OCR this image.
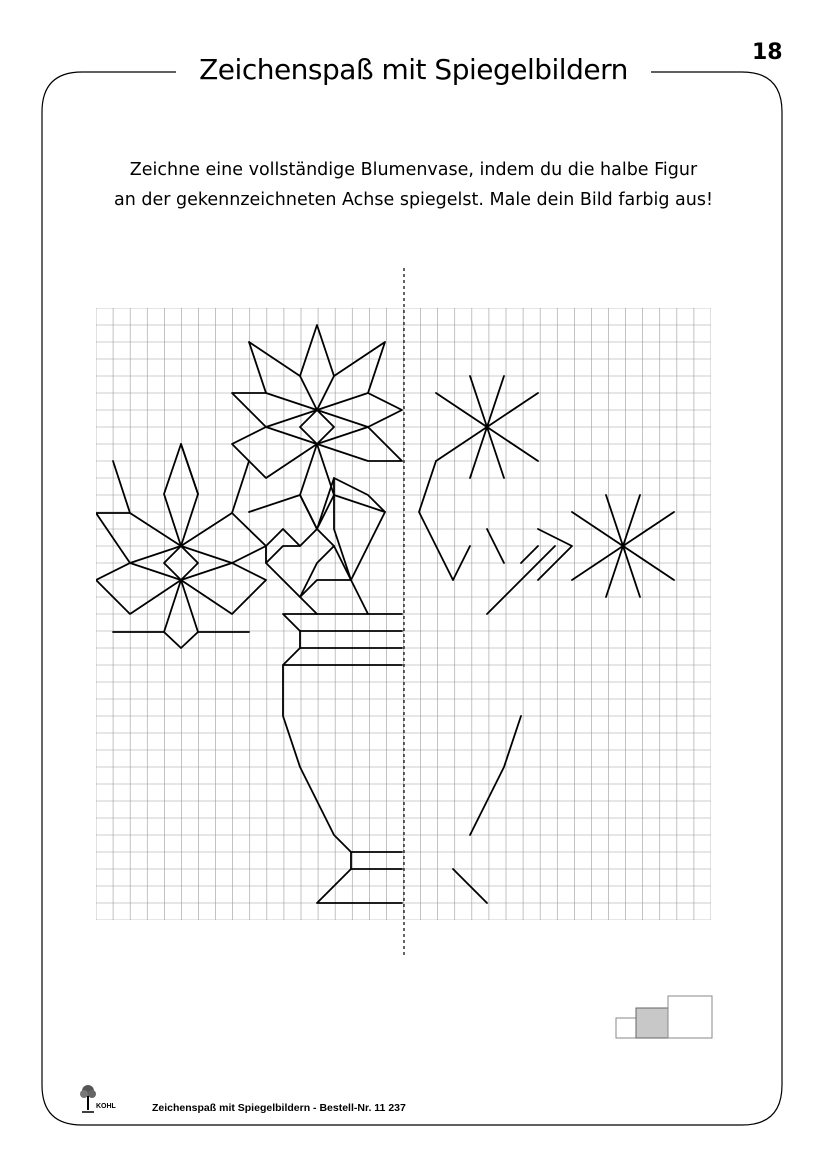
Zeichenspaß mit Spiegelbildern
18
Zeichne eine vollständige Blumenvase, indem du die halbe Figur
an der gekennzeichneten Achse spiegelst. Male dein Bild farbig aus!
KOHL	Zeichenspaß mit Spiegelbildern - Bestell-Nr. 11 237
